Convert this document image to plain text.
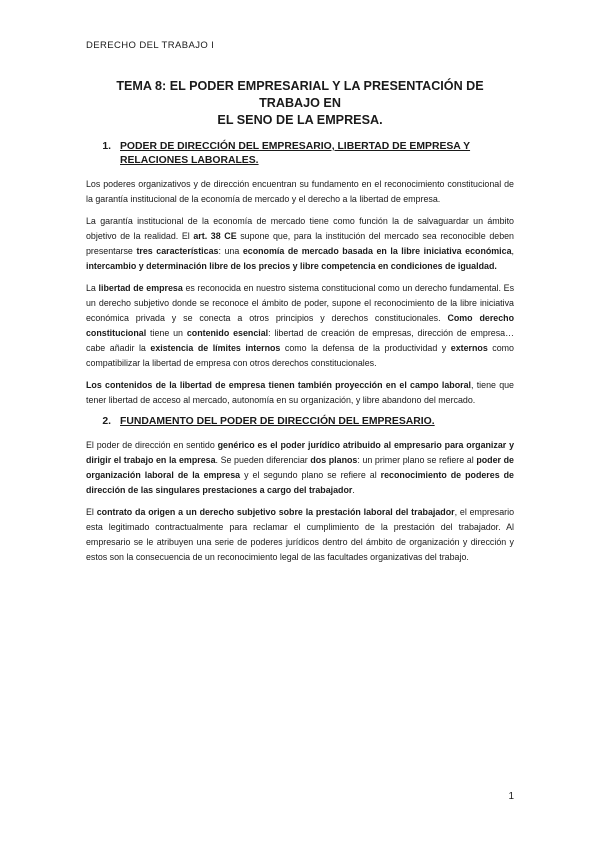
DERECHO DEL TRABAJO I
TEMA 8: EL PODER EMPRESARIAL Y LA PRESENTACIÓN DE TRABAJO EN
EL SENO DE LA EMPRESA.
1. PODER DE DIRECCIÓN DEL EMPRESARIO, LIBERTAD DE EMPRESA Y RELACIONES LABORALES.

Los poderes organizativos y de dirección encuentran su fundamento en el reconocimiento constitucional de la garantía institucional de la economía de mercado y el derecho a la libertad de empresa.

La garantía institucional de la economía de mercado tiene como función la de salvaguardar un ámbito objetivo de la realidad. El art. 38 CE supone que, para la institución del mercado sea reconocible deben presentarse tres características: una economía de mercado basada en la libre iniciativa económica, intercambio y determinación libre de los precios y libre competencia en condiciones de igualdad.

La libertad de empresa es reconocida en nuestro sistema constitucional como un derecho fundamental. Es un derecho subjetivo donde se reconoce el ámbito de poder, supone el reconocimiento de la libre iniciativa económica privada y se conecta a otros principios y derechos constitucionales. Como derecho constitucional tiene un contenido esencial: libertad de creación de empresas, dirección de empresa… cabe añadir la existencia de límites internos como la defensa de la productividad y externos como compatibilizar la libertad de empresa con otros derechos constitucionales.

Los contenidos de la libertad de empresa tienen también proyección en el campo laboral, tiene que tener libertad de acceso al mercado, autonomía en su organización, y libre abandono del mercado.

2. FUNDAMENTO DEL PODER DE DIRECCIÓN DEL EMPRESARIO.

El poder de dirección en sentido genérico es el poder jurídico atribuido al empresario para organizar y dirigir el trabajo en la empresa. Se pueden diferenciar dos planos: un primer plano se refiere al poder de organización laboral de la empresa y el segundo plano se refiere al reconocimiento de poderes de dirección de las singulares prestaciones a cargo del trabajador.

El contrato da origen a un derecho subjetivo sobre la prestación laboral del trabajador, el empresario esta legitimado contractualmente para reclamar el cumplimiento de la prestación del trabajador. Al empresario se le atribuyen una serie de poderes jurídicos dentro del ámbito de organización y dirección y estos son la consecuencia de un reconocimiento legal de las facultades organizativas del trabajo.

1
